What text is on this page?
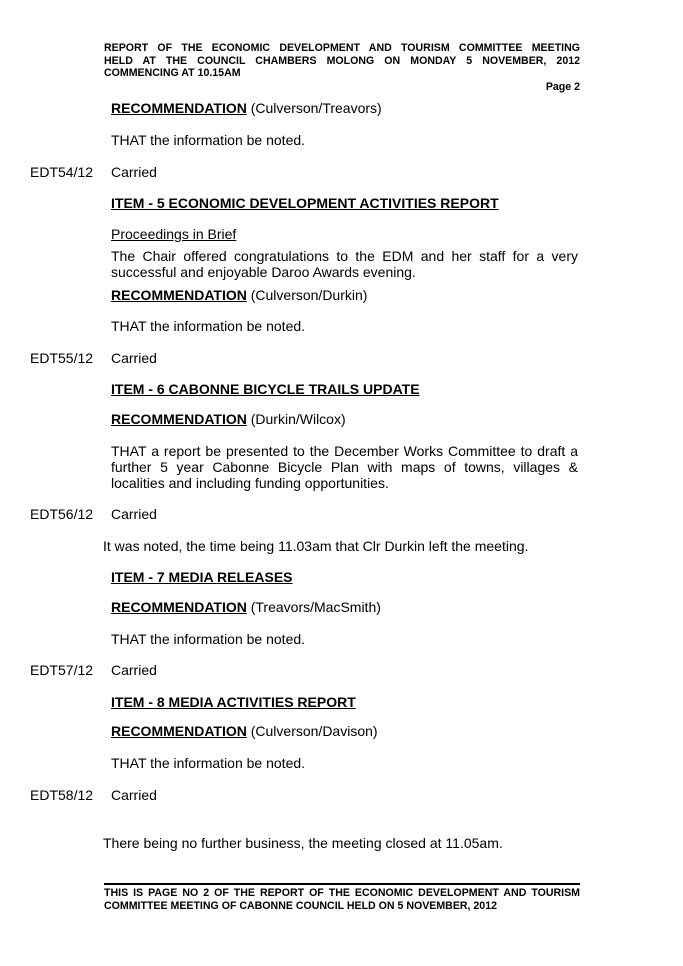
REPORT OF THE ECONOMIC DEVELOPMENT AND TOURISM COMMITTEE MEETING
HELD AT THE COUNCIL CHAMBERS MOLONG ON MONDAY 5 NOVEMBER, 2012
COMMENCING AT 10.15AM
Page 2
RECOMMENDATION (Culverson/Treavors)
THAT the information be noted.
EDT54/12 Carried
ITEM - 5 ECONOMIC DEVELOPMENT ACTIVITIES REPORT
Proceedings in Brief
The Chair offered congratulations to the EDM and her staff for a very successful and enjoyable Daroo Awards evening.
RECOMMENDATION (Culverson/Durkin)
THAT the information be noted.
EDT55/12 Carried
ITEM - 6 CABONNE BICYCLE TRAILS UPDATE
RECOMMENDATION (Durkin/Wilcox)
THAT a report be presented to the December Works Committee to draft a further 5 year Cabonne Bicycle Plan with maps of towns, villages & localities and including funding opportunities.
EDT56/12 Carried
It was noted, the time being 11.03am that Clr Durkin left the meeting.
ITEM - 7 MEDIA RELEASES
RECOMMENDATION (Treavors/MacSmith)
THAT the information be noted.
EDT57/12 Carried
ITEM - 8 MEDIA ACTIVITIES REPORT
RECOMMENDATION (Culverson/Davison)
THAT the information be noted.
EDT58/12 Carried
There being no further business, the meeting closed at 11.05am.
THIS IS PAGE NO 2 OF THE REPORT OF THE ECONOMIC DEVELOPMENT AND TOURISM COMMITTEE MEETING OF CABONNE COUNCIL HELD ON 5 NOVEMBER, 2012
